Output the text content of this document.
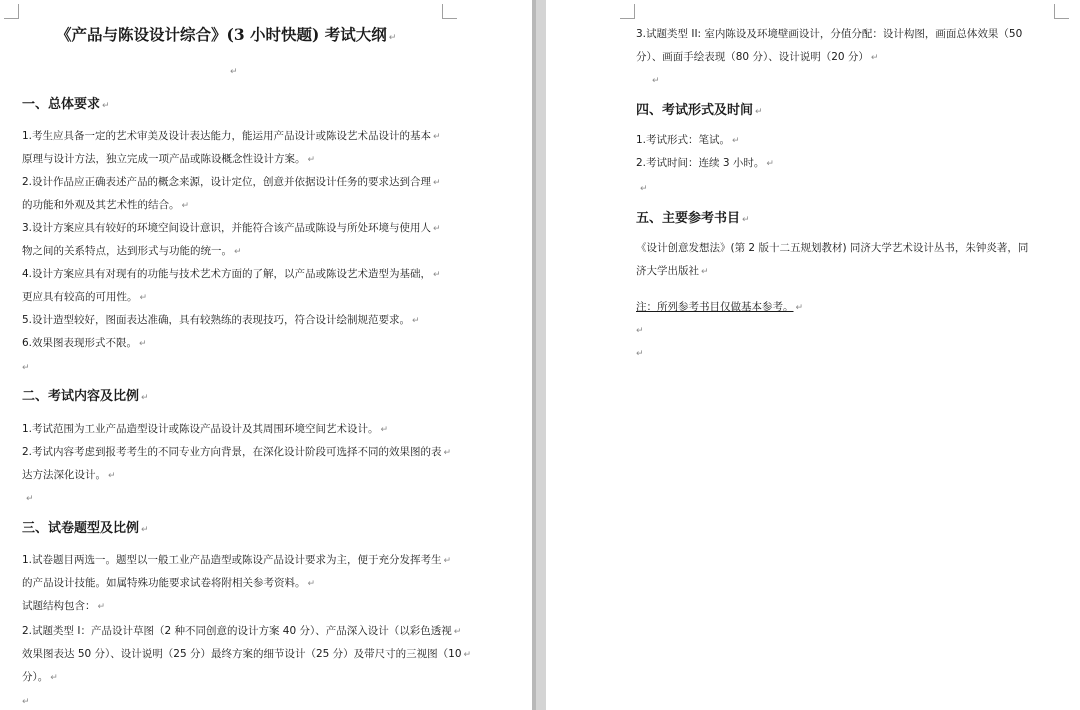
《产品与陈设设计综合》(3 小时快题) 考试大纲 ↵
↵
一、总体要求 ↵
1.考生应具备一定的艺术审美及设计表达能力，能运用产品设计或陈设艺术品设计的基本 ↵
原理与设计方法，独立完成一项产品或陈设概念性设计方案。 ↵
2.设计作品应正确表述产品的概念来源，设计定位，创意并依据设计任务的要求达到合理 ↵
的功能和外观及其艺术性的结合。 ↵
3.设计方案应具有较好的环境空间设计意识，并能符合该产品或陈设与所处环境与使用人 ↵
物之间的关系特点，达到形式与功能的统一。 ↵
4.设计方案应具有对现有的功能与技术艺术方面的了解，以产品或陈设艺术造型为基础， ↵
更应具有较高的可用性。 ↵
5.设计造型较好，图面表达准确，具有较熟练的表现技巧，符合设计绘制规范要求。 ↵
6.效果图表现形式不限。 ↵
↵
二、考试内容及比例 ↵
1.考试范围为工业产品造型设计或陈设产品设计及其周围环境空间艺术设计。 ↵
2.考试内容考虑到报考考生的不同专业方向背景，在深化设计阶段可选择不同的效果图的表 ↵
达方法深化设计。 ↵
↵
三、试卷题型及比例 ↵
1.试卷题目两选一。题型以一般工业产品造型或陈设产品设计要求为主，便于充分发挥考生 ↵
的产品设计技能。如属特殊功能要求试卷将附相关参考资料。 ↵
试题结构包含： ↵
2.试题类型 I：产品设计草图（2 种不同创意的设计方案 40 分）、产品深入设计（以彩色透视 ↵
效果图表达 50 分）、设计说明（25 分）最终方案的细节设计（25 分）及带尺寸的三视图（10 ↵
分）。 ↵
↵
3.试题类型 II: 室内陈设及环境壁画设计，分值分配：设计构图，画面总体效果（50
分）、画面手绘表现（80 分）、设计说明（20 分） ↵
↵
四、考试形式及时间 ↵
1.考试形式：笔试。 ↵
2.考试时间：连续 3 小时。 ↵
↵
五、主要参考书目 ↵
《设计创意发想法》(第 2 版十二五规划教材) 同济大学艺术设计丛书，朱钟炎著，同
济大学出版社 ↵
注：所列参考书目仅做基本参考。 ↵
↵
↵
